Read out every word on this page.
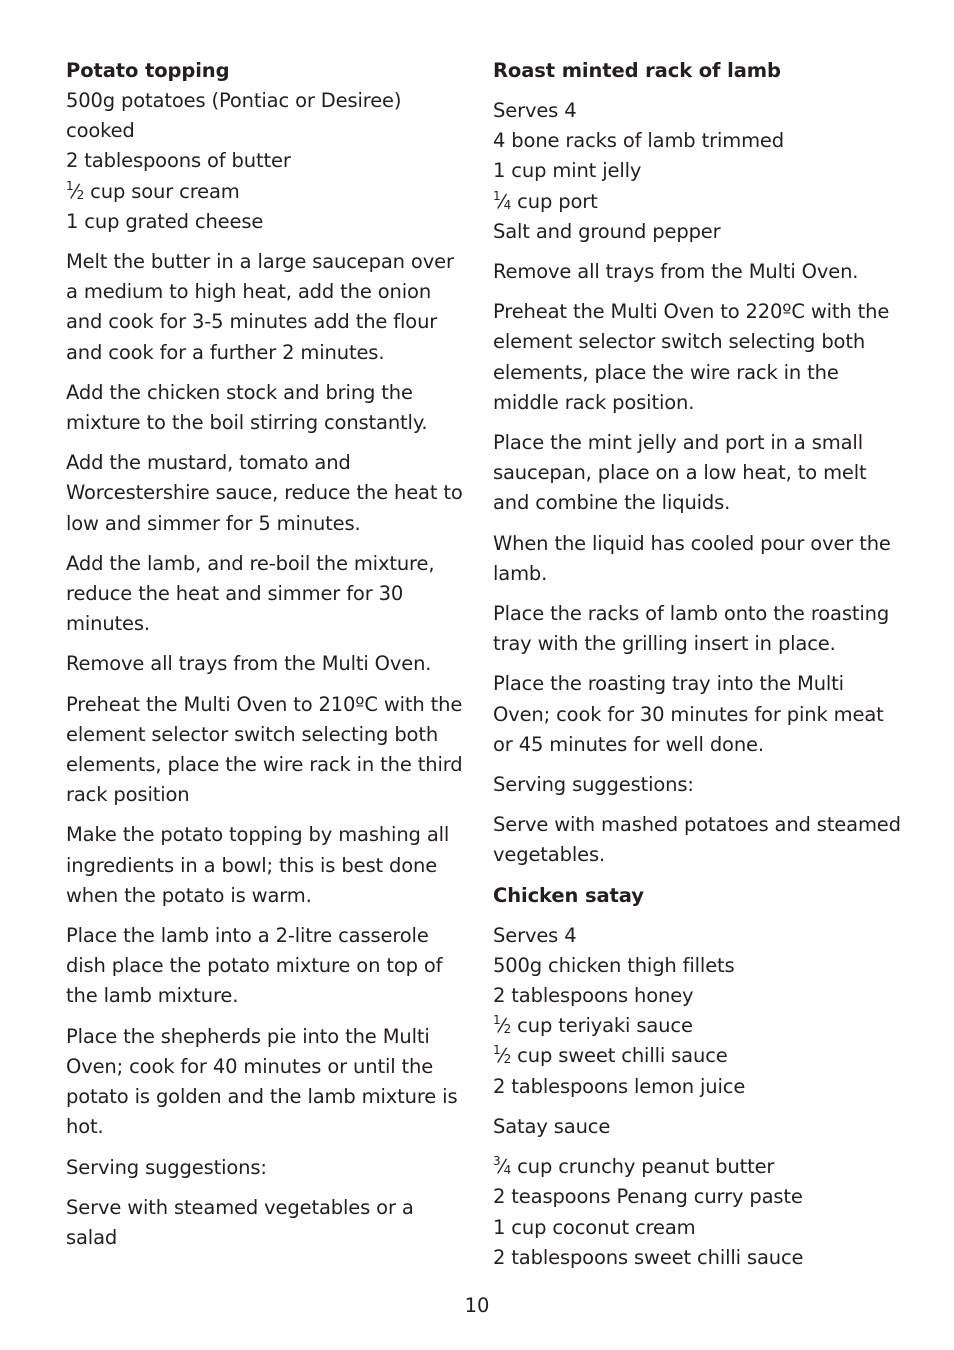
Potato topping
500g potatoes (Pontiac or Desiree)
cooked
2 tablespoons of butter
$^1⁄_2$ cup sour cream
1 cup grated cheese

Melt the butter in a large saucepan over a medium to high heat, add the onion and cook for 3-5 minutes add the flour and cook for a further 2 minutes.

Add the chicken stock and bring the mixture to the boil stirring constantly.

Add the mustard, tomato and Worcestershire sauce, reduce the heat to low and simmer for 5 minutes.

Add the lamb, and re-boil the mixture, reduce the heat and simmer for 30 minutes.

Remove all trays from the Multi Oven.

Preheat the Multi Oven to 210ºC with the element selector switch selecting both elements, place the wire rack in the third rack position

Make the potato topping by mashing all ingredients in a bowl; this is best done when the potato is warm.

Place the lamb into a 2-litre casserole dish place the potato mixture on top of the lamb mixture.

Place the shepherds pie into the Multi Oven; cook for 40 minutes or until the potato is golden and the lamb mixture is hot.

Serving suggestions:

Serve with steamed vegetables or a salad

Roast minted rack of lamb
Serves 4
4 bone racks of lamb trimmed
1 cup mint jelly
$^1⁄_4$ cup port
Salt and ground pepper

Remove all trays from the Multi Oven.

Preheat the Multi Oven to 220ºC with the element selector switch selecting both elements, place the wire rack in the middle rack position.

Place the mint jelly and port in a small saucepan, place on a low heat, to melt and combine the liquids.

When the liquid has cooled pour over the lamb.

Place the racks of lamb onto the roasting tray with the grilling insert in place.

Place the roasting tray into the Multi Oven; cook for 30 minutes for pink meat or 45 minutes for well done.

Serving suggestions:

Serve with mashed potatoes and steamed vegetables.

Chicken satay
Serves 4
500g chicken thigh fillets
2 tablespoons honey
$^1⁄_2$ cup teriyaki sauce
$^1⁄_2$ cup sweet chilli sauce
2 tablespoons lemon juice

Satay sauce

$^3⁄_4$ cup crunchy peanut butter
2 teaspoons Penang curry paste
1 cup coconut cream
2 tablespoons sweet chilli sauce
10
